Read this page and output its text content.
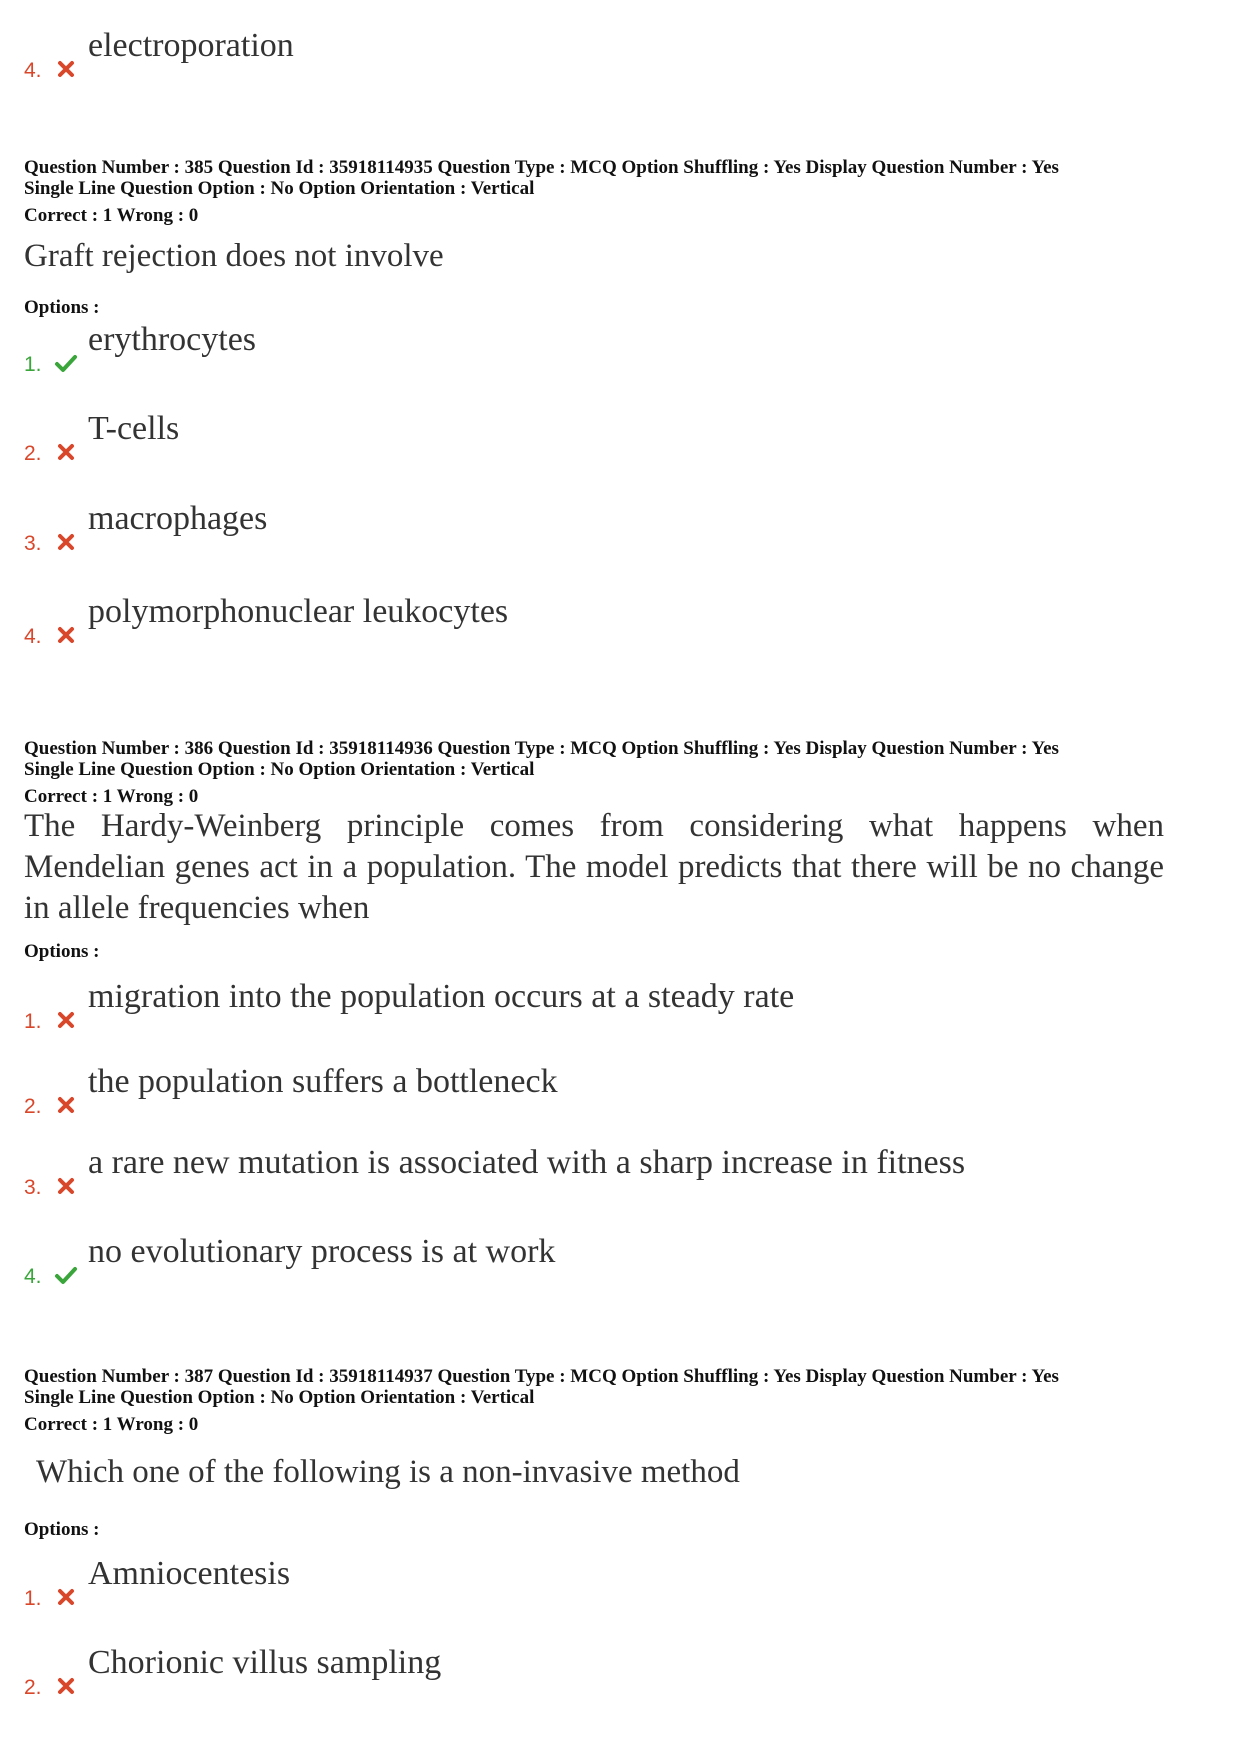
4.
electroporation
Question Number : 385 Question Id : 35918114935 Question Type : MCQ Option Shuffling : Yes Display Question Number : Yes
Single Line Question Option : No Option Orientation : Vertical
Correct : 1 Wrong : 0
Graft rejection does not involve
Options :
1.
erythrocytes
2.
T-cells
3.
macrophages
4.
polymorphonuclear leukocytes
Question Number : 386 Question Id : 35918114936 Question Type : MCQ Option Shuffling : Yes Display Question Number : Yes
Single Line Question Option : No Option Orientation : Vertical
Correct : 1 Wrong : 0
The Hardy-Weinberg principle comes from considering what happens when Mendelian genes act in a population. The model predicts that there will be no change in allele frequencies when
Options :
1.
migration into the population occurs at a steady rate
2.
the population suffers a bottleneck
3.
a rare new mutation is associated with a sharp increase in fitness
4.
no evolutionary process is at work
Question Number : 387 Question Id : 35918114937 Question Type : MCQ Option Shuffling : Yes Display Question Number : Yes
Single Line Question Option : No Option Orientation : Vertical
Correct : 1 Wrong : 0
Which one of the following is a non-invasive method
Options :
1.
Amniocentesis
2.
Chorionic villus sampling
